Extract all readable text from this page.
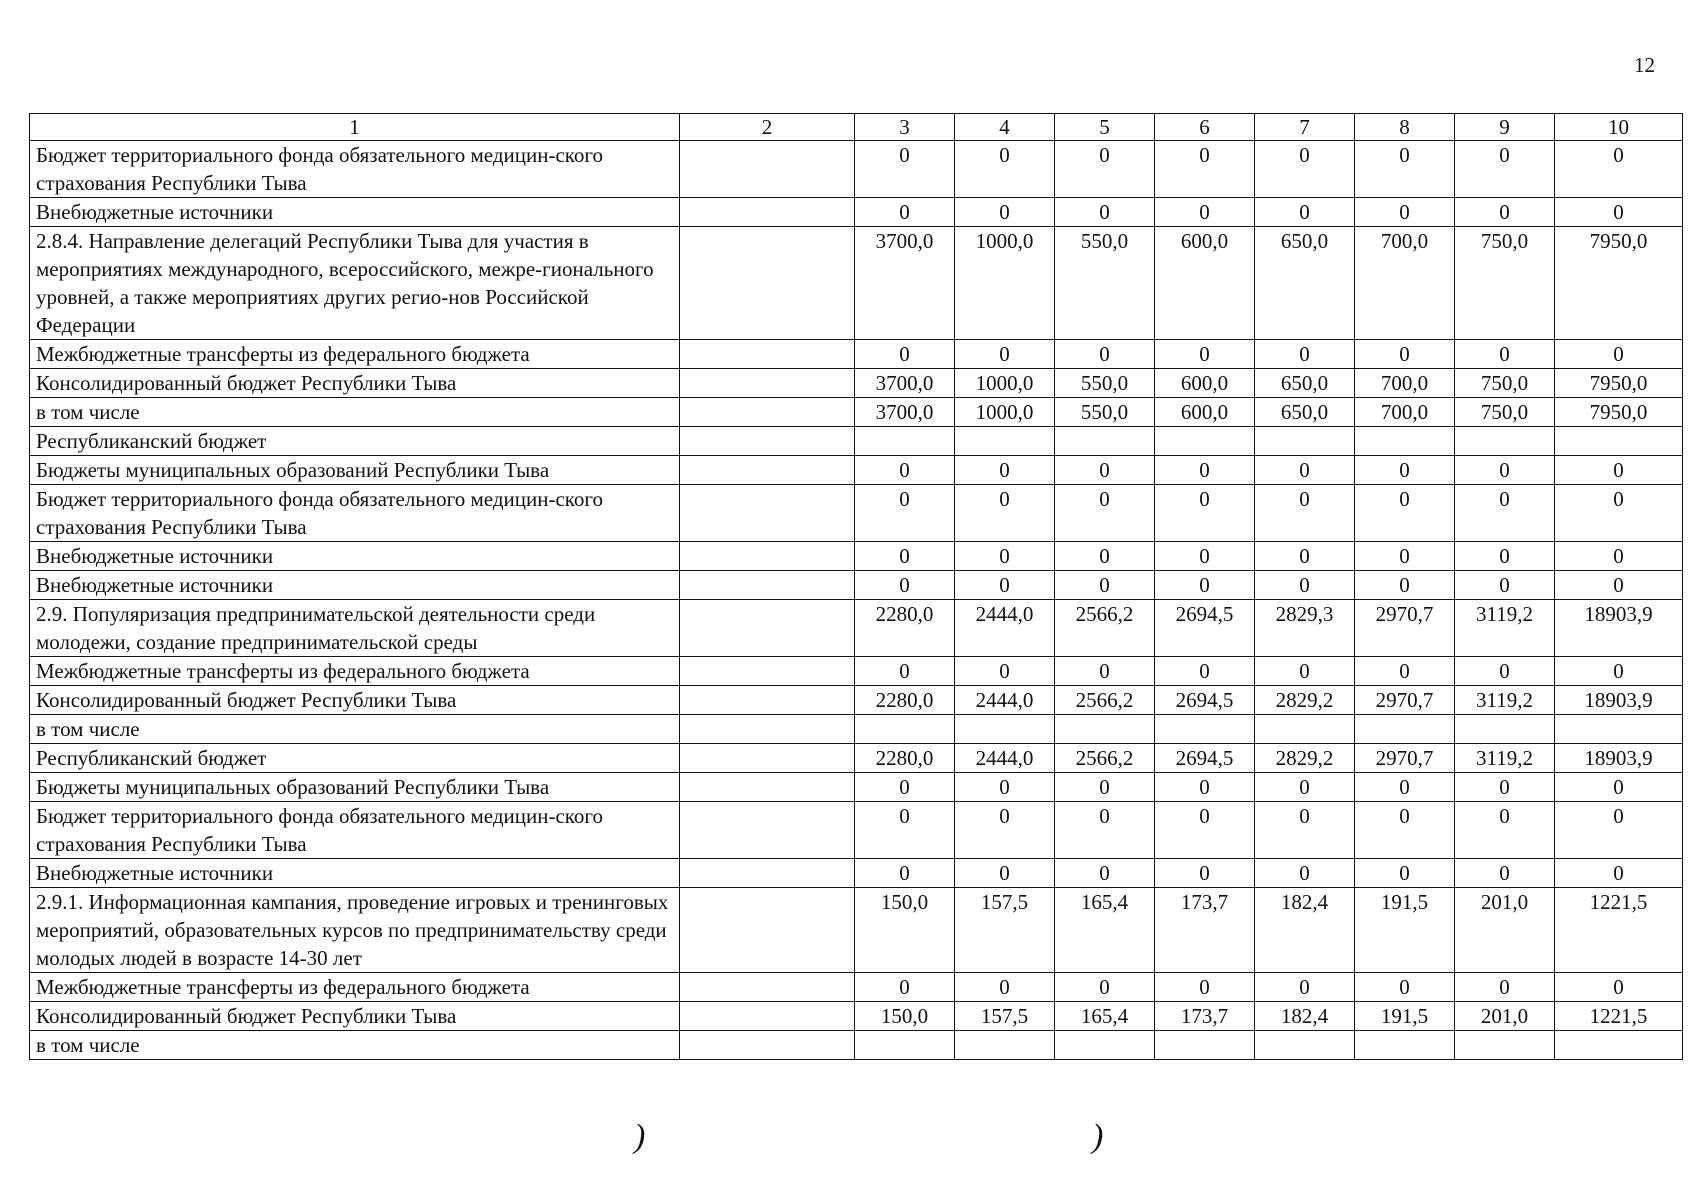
12
1	2	3	4	5	6	7	8	9	10
Бюджет территориального фонда обязательного медицин-ского страхования Республики Тыва		0	0	0	0	0	0	0	0
Внебюджетные источники		0	0	0	0	0	0	0	0
2.8.4. Направление делегаций Республики Тыва для участия в мероприятиях международного, всероссийского, межре-гионального уровней, а также мероприятиях других регио-нов Российской Федерации		3700,0	1000,0	550,0	600,0	650,0	700,0	750,0	7950,0
Межбюджетные трансферты из федерального бюджета		0	0	0	0	0	0	0	0
Консолидированный бюджет Республики Тыва		3700,0	1000,0	550,0	600,0	650,0	700,0	750,0	7950,0
в том числе		3700,0	1000,0	550,0	600,0	650,0	700,0	750,0	7950,0
Республиканский бюджет									
Бюджеты муниципальных образований Республики Тыва		0	0	0	0	0	0	0	0
Бюджет территориального фонда обязательного медицин-ского страхования Республики Тыва		0	0	0	0	0	0	0	0
Внебюджетные источники		0	0	0	0	0	0	0	0
Внебюджетные источники		0	0	0	0	0	0	0	0
2.9. Популяризация предпринимательской деятельности среди молодежи, создание предпринимательской среды		2280,0	2444,0	2566,2	2694,5	2829,3	2970,7	3119,2	18903,9
Межбюджетные трансферты из федерального бюджета		0	0	0	0	0	0	0	0
Консолидированный бюджет Республики Тыва		2280,0	2444,0	2566,2	2694,5	2829,2	2970,7	3119,2	18903,9
в том числе									
Республиканский бюджет		2280,0	2444,0	2566,2	2694,5	2829,2	2970,7	3119,2	18903,9
Бюджеты муниципальных образований Республики Тыва		0	0	0	0	0	0	0	0
Бюджет территориального фонда обязательного медицин-ского страхования Республики Тыва		0	0	0	0	0	0	0	0
Внебюджетные источники		0	0	0	0	0	0	0	0
2.9.1. Информационная кампания, проведение игровых и тренинговых мероприятий, образовательных курсов по предпринимательству среди молодых людей в возрасте 14-30 лет		150,0	157,5	165,4	173,7	182,4	191,5	201,0	1221,5
Межбюджетные трансферты из федерального бюджета		0	0	0	0	0	0	0	0
Консолидированный бюджет Республики Тыва		150,0	157,5	165,4	173,7	182,4	191,5	201,0	1221,5
в том числе									
)	)
